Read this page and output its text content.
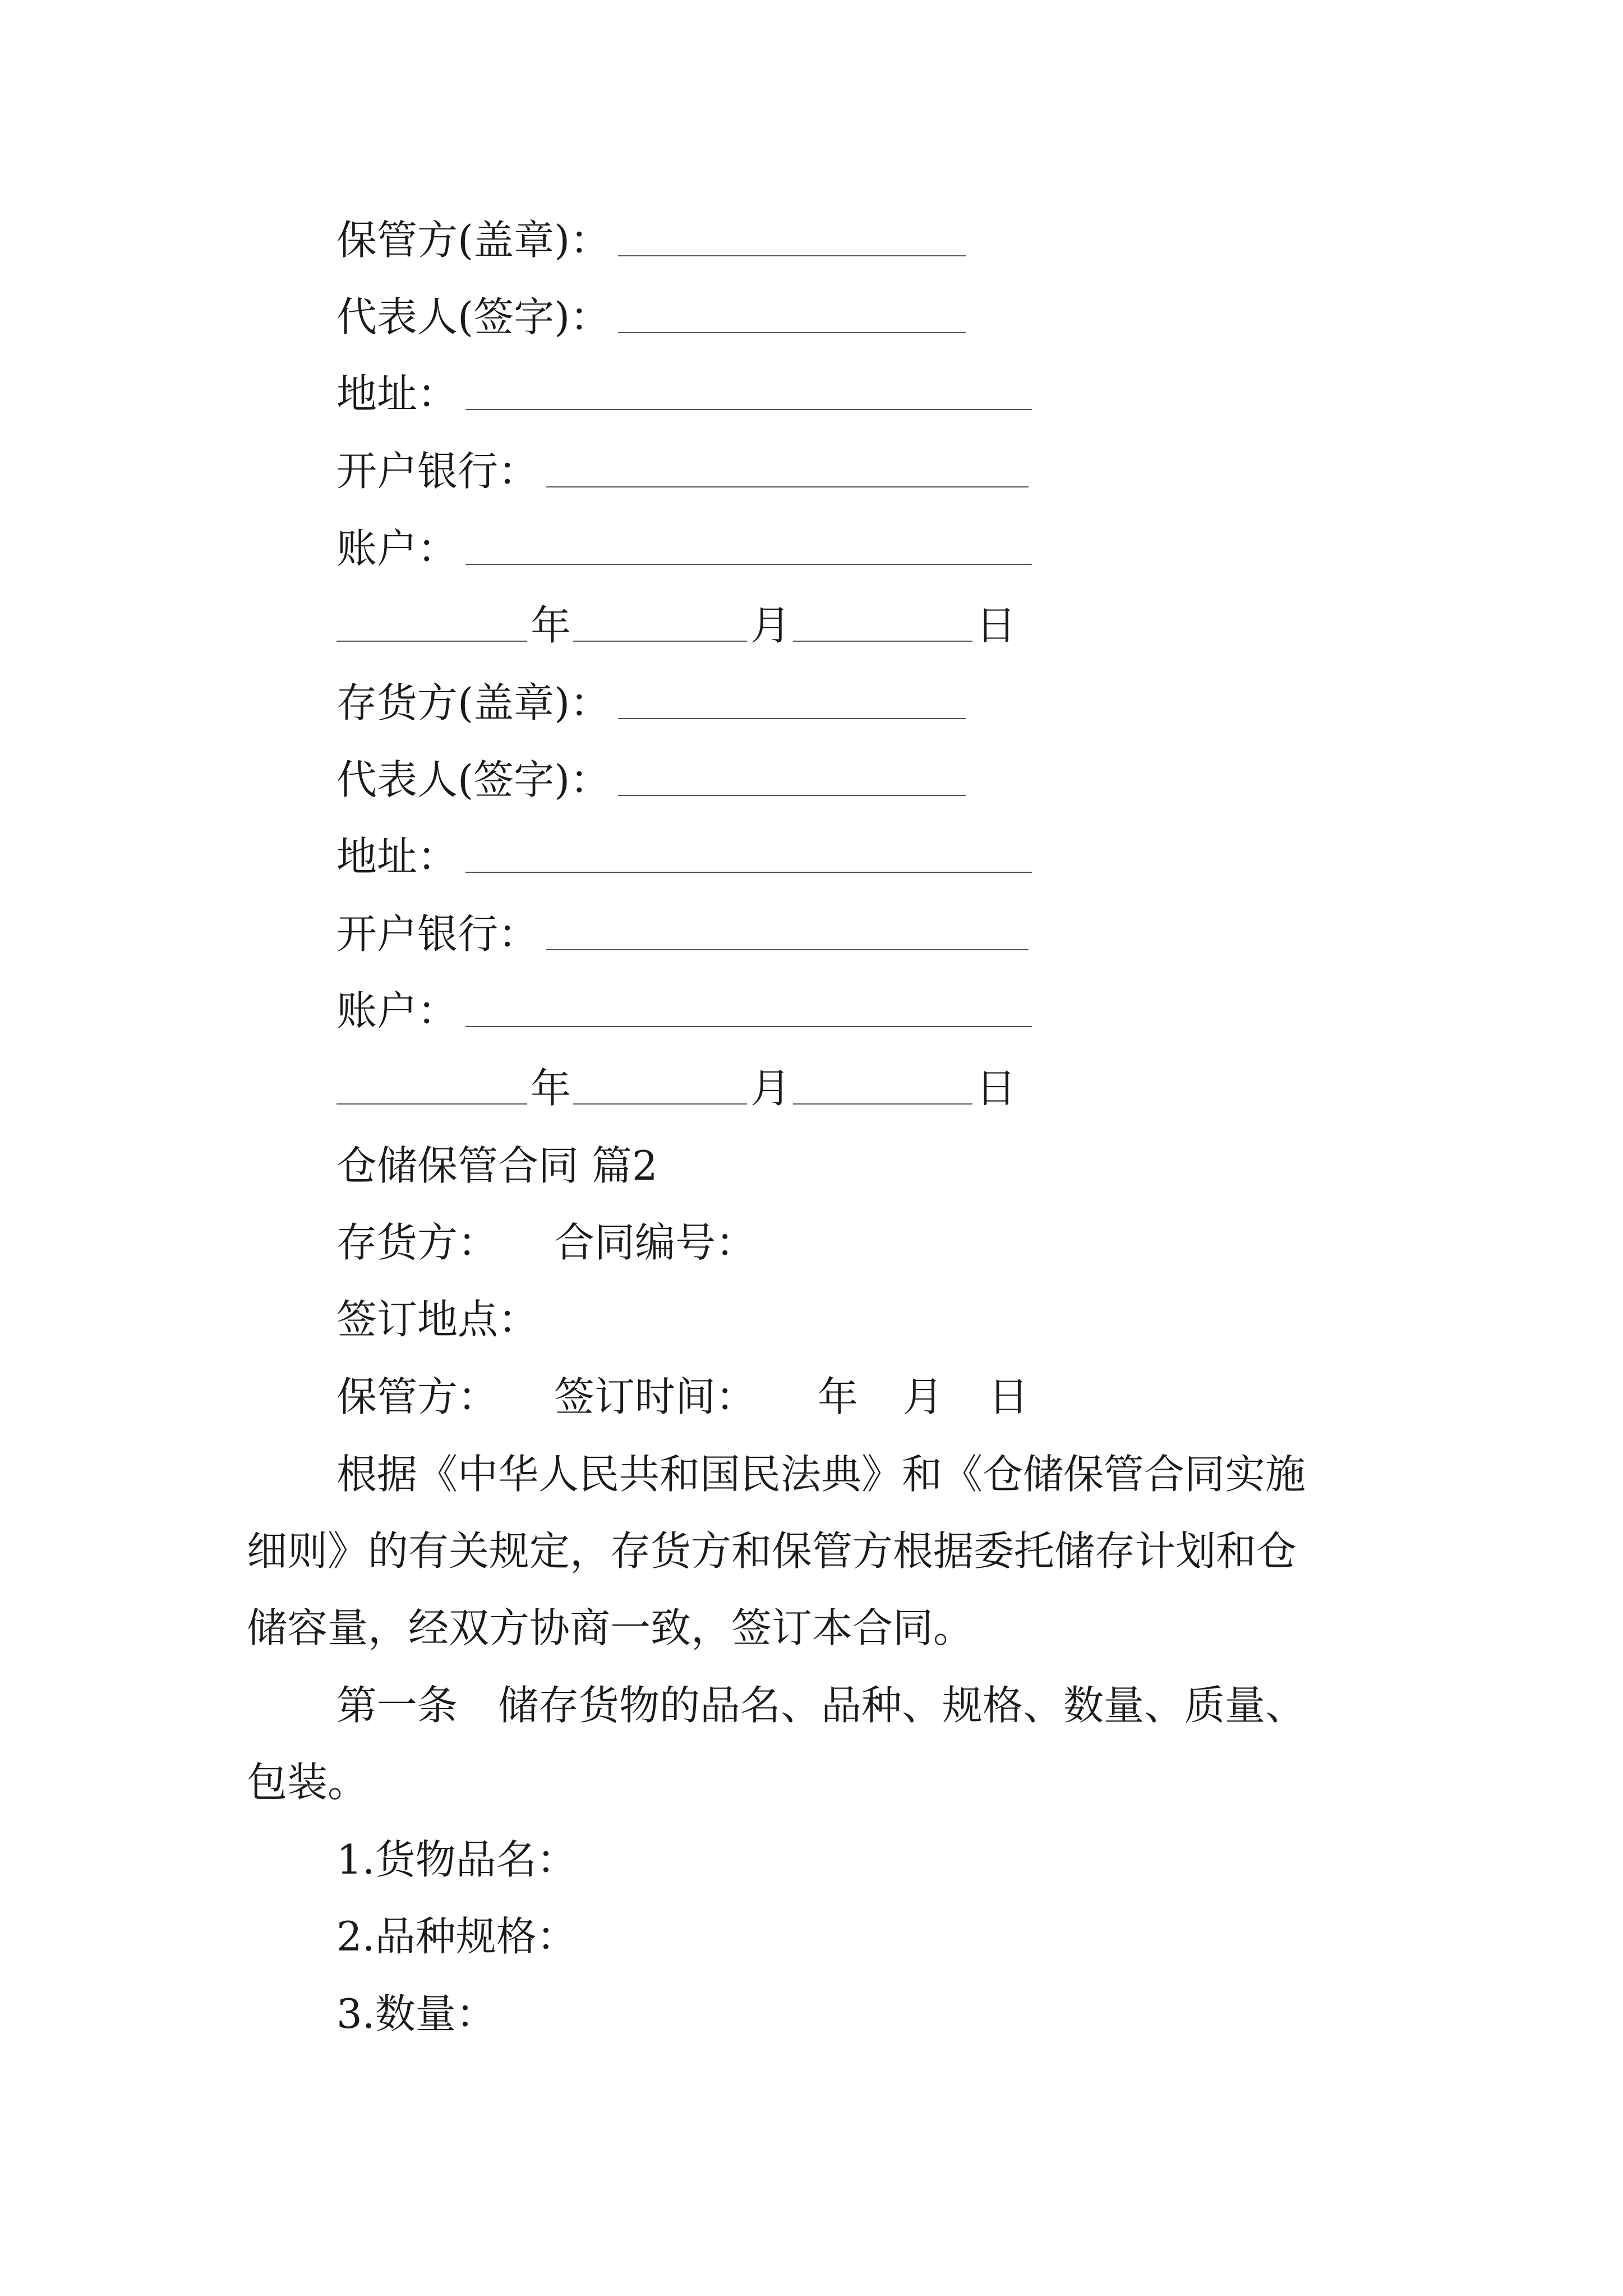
保管方(盖章)：
代表人(签字)：
地址：
开户银行：
账户：
年	月	日
存货方(盖章)：
代表人(签字)：
地址：
开户银行：
账户：
年	月	日
仓储保管合同 篇2
存货方： 合同编号：
签订地点：
保管方： 签订时间： 年 月 日
根据《中华人民共和国民法典》和《仓储保管合同实施
细则》的有关规定，存货方和保管方根据委托储存计划和仓
储容量，经双方协商一致，签订本合同。
第一条　储存货物的品名、品种、规格、数量、质量、
包装。
1.货物品名：
2.品种规格：
3.数量：
